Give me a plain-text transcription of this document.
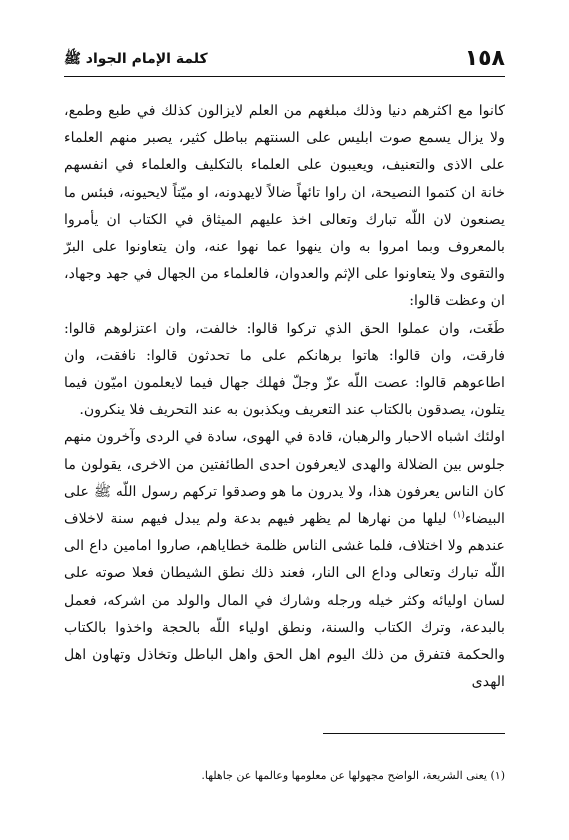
١٥٨
كلمة الإمام الجواد ﷺ

كانوا مع اكثرهم دنيا وذلك مبلغهم من العلم لايزالون كذلك في طبع وطمع، ولا يزال يسمع صوت ابليس على السنتهم بباطل كثير، يصبر منهم العلماء على الاذى والتعنيف، ويعيبون على العلماء بالتكليف والعلماء في انفسهم خانة ان كتموا النصيحة، ان راوا تائهاً ضالاً لايهدونه، او ميّتاً لايحيونه، فبئس ما يصنعون لان اللّه تبارك وتعالى اخذ عليهم الميثاق في الكتاب ان يأمروا بالمعروف وبما امروا به وان ينهوا عما نهوا عنه، وان يتعاونوا على البرّ والتقوى ولا يتعاونوا على الإثم والعدوان، فالعلماء من الجهال في جهد وجهاد، ان وعظت قالوا:

طَغَت، وان عملوا الحق الذي تركوا قالوا: خالفت، وان اعتزلوهم قالوا: فارقت، وان قالوا: هاتوا برهانكم على ما تحدثون قالوا: نافقت، وان اطاعوهم قالوا: عصت اللّه عزّ وجلّ فهلك جهال فيما لايعلمون اميّون فيما يتلون، يصدقون بالكتاب عند التعريف ويكذبون به عند التحريف فلا ينكرون.

اولئك اشباه الاحبار والرهبان، قادة في الهوى، سادة في الردى وآخرون منهم جلوس بين الضلالة والهدى لايعرفون احدى الطائفتين من الاخرى، يقولون ما كان الناس يعرفون هذا، ولا يدرون ما هو وصدقوا تركهم رسول اللّه ﷺ على البيضاء$^{(١)}$ ليلها من نهارها لم يظهر فيهم بدعة ولم يبدل فيهم سنة لاخلاف عندهم ولا اختلاف، فلما غشى الناس ظلمة خطاياهم، صاروا امامين داع الى اللّه تبارك وتعالى وداع الى النار، فعند ذلك نطق الشيطان فعلا صوته على لسان اوليائه وكثر خيله ورجله وشارك في المال والولد من اشركه، فعمل بالبدعة، وترك الكتاب والسنة، ونطق اولياء اللّه بالحجة واخذوا بالكتاب والحكمة فتفرق من ذلك اليوم اهل الحق واهل الباطل وتخاذل وتهاون اهل الهدى

(١) يعنى الشريعة، الواضح مجهولها عن معلومها وعالمها عن جاهلها.
